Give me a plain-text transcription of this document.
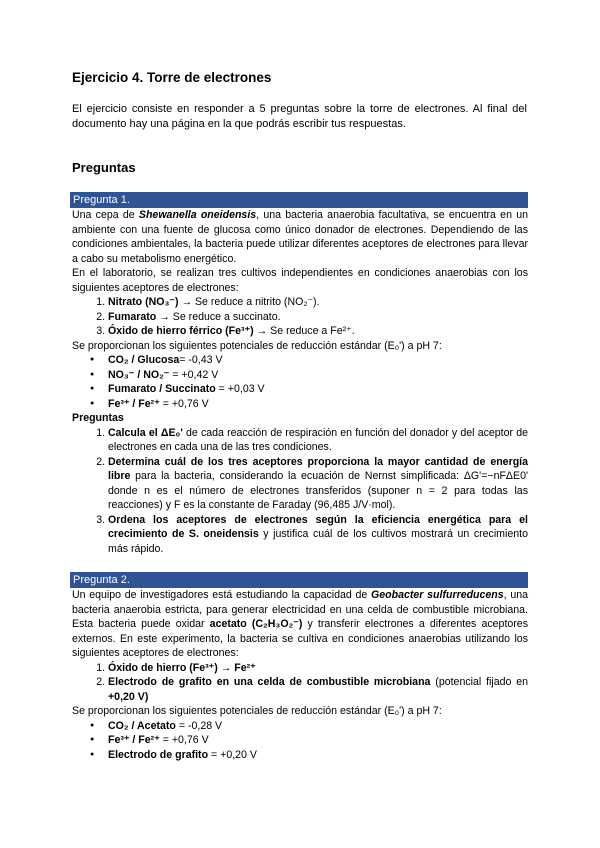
Ejercicio 4. Torre de electrones
El ejercicio consiste en responder a 5 preguntas sobre la torre de electrones. Al final del documento hay una página en la que podrás escribir tus respuestas.
Preguntas
Pregunta 1.
Una cepa de Shewanella oneidensis, una bacteria anaerobia facultativa, se encuentra en un ambiente con una fuente de glucosa como único donador de electrones. Dependiendo de las condiciones ambientales, la bacteria puede utilizar diferentes aceptores de electrones para llevar a cabo su metabolismo energético.
En el laboratorio, se realizan tres cultivos independientes en condiciones anaerobias con los siguientes aceptores de electrones:
1. Nitrato (NO₃⁻) → Se reduce a nitrito (NO₂⁻).
2. Fumarato → Se reduce a succinato.
3. Óxido de hierro férrico (Fe³⁺) → Se reduce a Fe²⁺.
Se proporcionan los siguientes potenciales de reducción estándar (E₀') a pH 7:
● CO₂ / Glucosa= -0,43 V
● NO₃⁻ / NO₂⁻ = +0,42 V
● Fumarato / Succinato = +0,03 V
● Fe³⁺ / Fe²⁺ = +0,76 V
Preguntas
1. Calcula el ΔE₀' de cada reacción de respiración en función del donador y del aceptor de electrones en cada una de las tres condiciones.
2. Determina cuál de los tres aceptores proporciona la mayor cantidad de energía libre para la bacteria, considerando la ecuación de Nernst simplificada: ΔG'=−nFΔE0' donde n es el número de electrones transferidos (suponer n = 2 para todas las reacciones) y F es la constante de Faraday (96,485 J/V·mol).
3. Ordena los aceptores de electrones según la eficiencia energética para el crecimiento de S. oneidensis y justifica cuál de los cultivos mostrará un crecimiento más rápido.
Pregunta 2.
Un equipo de investigadores está estudiando la capacidad de Geobacter sulfurreducens, una bacteria anaerobia estricta, para generar electricidad en una celda de combustible microbiana. Esta bacteria puede oxidar acetato (C₂H₃O₂⁻) y transferir electrones a diferentes aceptores externos. En este experimento, la bacteria se cultiva en condiciones anaerobias utilizando los siguientes aceptores de electrones:
1. Óxido de hierro (Fe³⁺) → Fe²⁺
2. Electrodo de grafito en una celda de combustible microbiana (potencial fijado en +0,20 V)
Se proporcionan los siguientes potenciales de reducción estándar (E₀') a pH 7:
● CO₂ / Acetato = -0,28 V
● Fe³⁺ / Fe²⁺ = +0,76 V
● Electrodo de grafito = +0,20 V
